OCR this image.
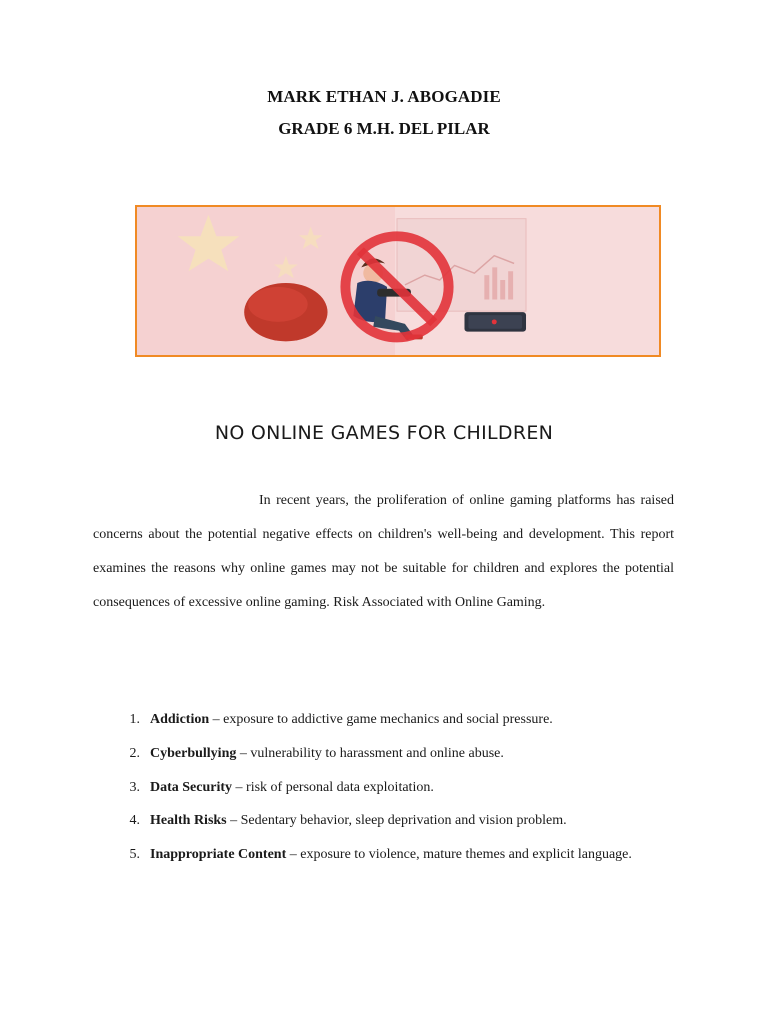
MARK ETHAN J. ABOGADIE
GRADE 6 M.H. DEL PILAR
NO ONLINE GAMES FOR CHILDREN

In recent years, the proliferation of online gaming platforms has raised concerns about the potential negative effects on children's well-being and development. This report examines the reasons why online games may not be suitable for children and explores the potential consequences of excessive online gaming. Risk Associated with Online Gaming.

1. Addiction – exposure to addictive game mechanics and social pressure.
2. Cyberbullying – vulnerability to harassment and online abuse.
3. Data Security – risk of personal data exploitation.
4. Health Risks – Sedentary behavior, sleep deprivation and vision problem.
5. Inappropriate Content – exposure to violence, mature themes and explicit language.
